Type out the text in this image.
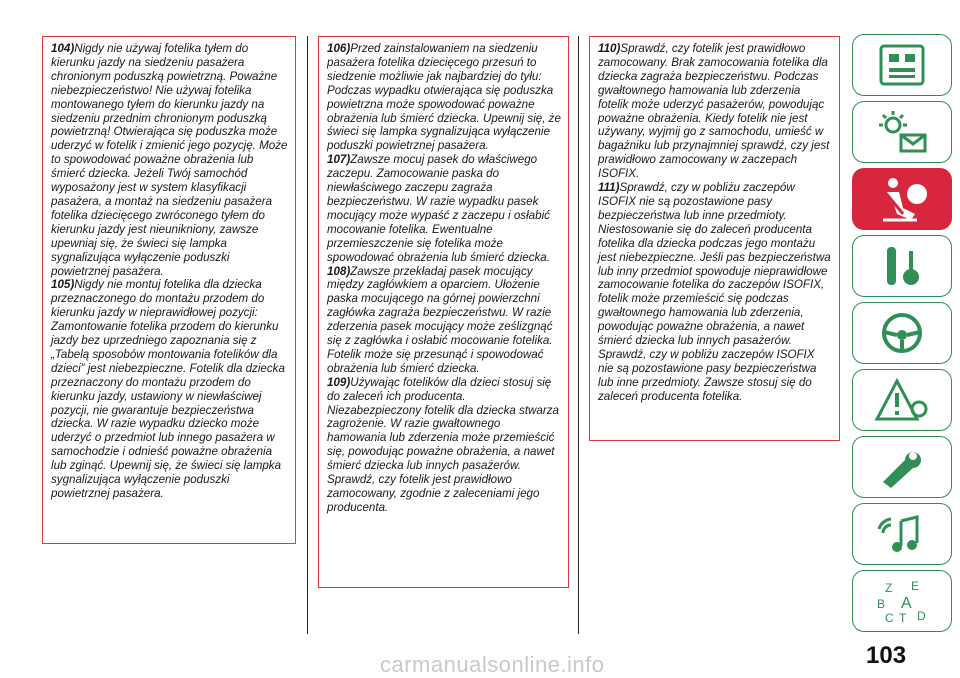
104)Nigdy nie używaj fotelika tyłem do kierunku jazdy na siedzeniu pasażera chronionym poduszką powietrzną. Poważne niebezpieczeństwo! Nie używaj fotelika montowanego tyłem do kierunku jazdy na siedzeniu przednim chronionym poduszką powietrzną! Otwierająca się poduszka może uderzyć w fotelik i zmienić jego pozycję. Może to spowodować poważne obrażenia lub śmierć dziecka. Jeżeli Twój samochód wyposażony jest w system klasyfikacji pasażera, a montaż na siedzeniu pasażera fotelika dziecięcego zwróconego tyłem do kierunku jazdy jest nieunikniony, zawsze upewniaj się, że świeci się lampka sygnalizująca wyłączenie poduszki powietrznej pasażera.

105)Nigdy nie montuj fotelika dla dziecka przeznaczonego do montażu przodem do kierunku jazdy w nieprawidłowej pozycji: Zamontowanie fotelika przodem do kierunku jazdy bez uprzedniego zapoznania się z „Tabelą sposobów montowania fotelików dla dzieci” jest niebezpieczne. Fotelik dla dziecka przeznaczony do montażu przodem do kierunku jazdy, ustawiony w niewłaściwej pozycji, nie gwarantuje bezpieczeństwa dziecka. W razie wypadku dziecko może uderzyć o przedmiot lub innego pasażera w samochodzie i odnieść poważne obrażenia lub zginąć. Upewnij się, że świeci się lampka sygnalizująca wyłączenie poduszki powietrznej pasażera.

106)Przed zainstalowaniem na siedzeniu pasażera fotelika dziecięcego przesuń to siedzenie możliwie jak najbardziej do tyłu: Podczas wypadku otwierająca się poduszka powietrzna może spowodować poważne obrażenia lub śmierć dziecka. Upewnij się, że świeci się lampka sygnalizująca wyłączenie poduszki powietrznej pasażera.

107)Zawsze mocuj pasek do właściwego zaczepu. Zamocowanie paska do niewłaściwego zaczepu zagraża bezpieczeństwu. W razie wypadku pasek mocujący może wypaść z zaczepu i osłabić mocowanie fotelika. Ewentualne przemieszczenie się fotelika może spowodować obrażenia lub śmierć dziecka.

108)Zawsze przekładaj pasek mocujący między zagłówkiem a oparciem. Ułożenie paska mocującego na górnej powierzchni zagłówka zagraża bezpieczeństwu. W razie zderzenia pasek mocujący może ześlizgnąć się z zagłówka i osłabić mocowanie fotelika. Fotelik może się przesunąć i spowodować obrażenia lub śmierć dziecka.

109)Używając fotelików dla dzieci stosuj się do zaleceń ich producenta. Niezabezpieczony fotelik dla dziecka stwarza zagrożenie. W razie gwałtownego hamowania lub zderzenia może przemieścić się, powodując poważne obrażenia, a nawet śmierć dziecka lub innych pasażerów. Sprawdź, czy fotelik jest prawidłowo zamocowany, zgodnie z zaleceniami jego producenta.

110)Sprawdź, czy fotelik jest prawidłowo zamocowany. Brak zamocowania fotelika dla dziecka zagraża bezpieczeństwu. Podczas gwałtownego hamowania lub zderzenia fotelik może uderzyć pasażerów, powodując poważne obrażenia. Kiedy fotelik nie jest używany, wyjmij go z samochodu, umieść w bagażniku lub przynajmniej sprawdź, czy jest prawidłowo zamocowany w zaczepach ISOFIX.

111)Sprawdź, czy w pobliżu zaczepów ISOFIX nie są pozostawione pasy bezpieczeństwa lub inne przedmioty. Niestosowanie się do zaleceń producenta fotelika dla dziecka podczas jego montażu jest niebezpieczne. Jeśli pas bezpieczeństwa lub inny przedmiot spowoduje nieprawidłowe zamocowanie fotelika do zaczepów ISOFIX, fotelik może przemieścić się podczas gwałtownego hamowania lub zderzenia, powodując poważne obrażenia, a nawet śmierć dziecka lub innych pasażerów. Sprawdź, czy w pobliżu zaczepów ISOFIX nie są pozostawione pasy bezpieczeństwa lub inne przedmioty. Zawsze stosuj się do zaleceń producenta fotelika.

Z E
B A
C T D
103
carmanualsonline.info
